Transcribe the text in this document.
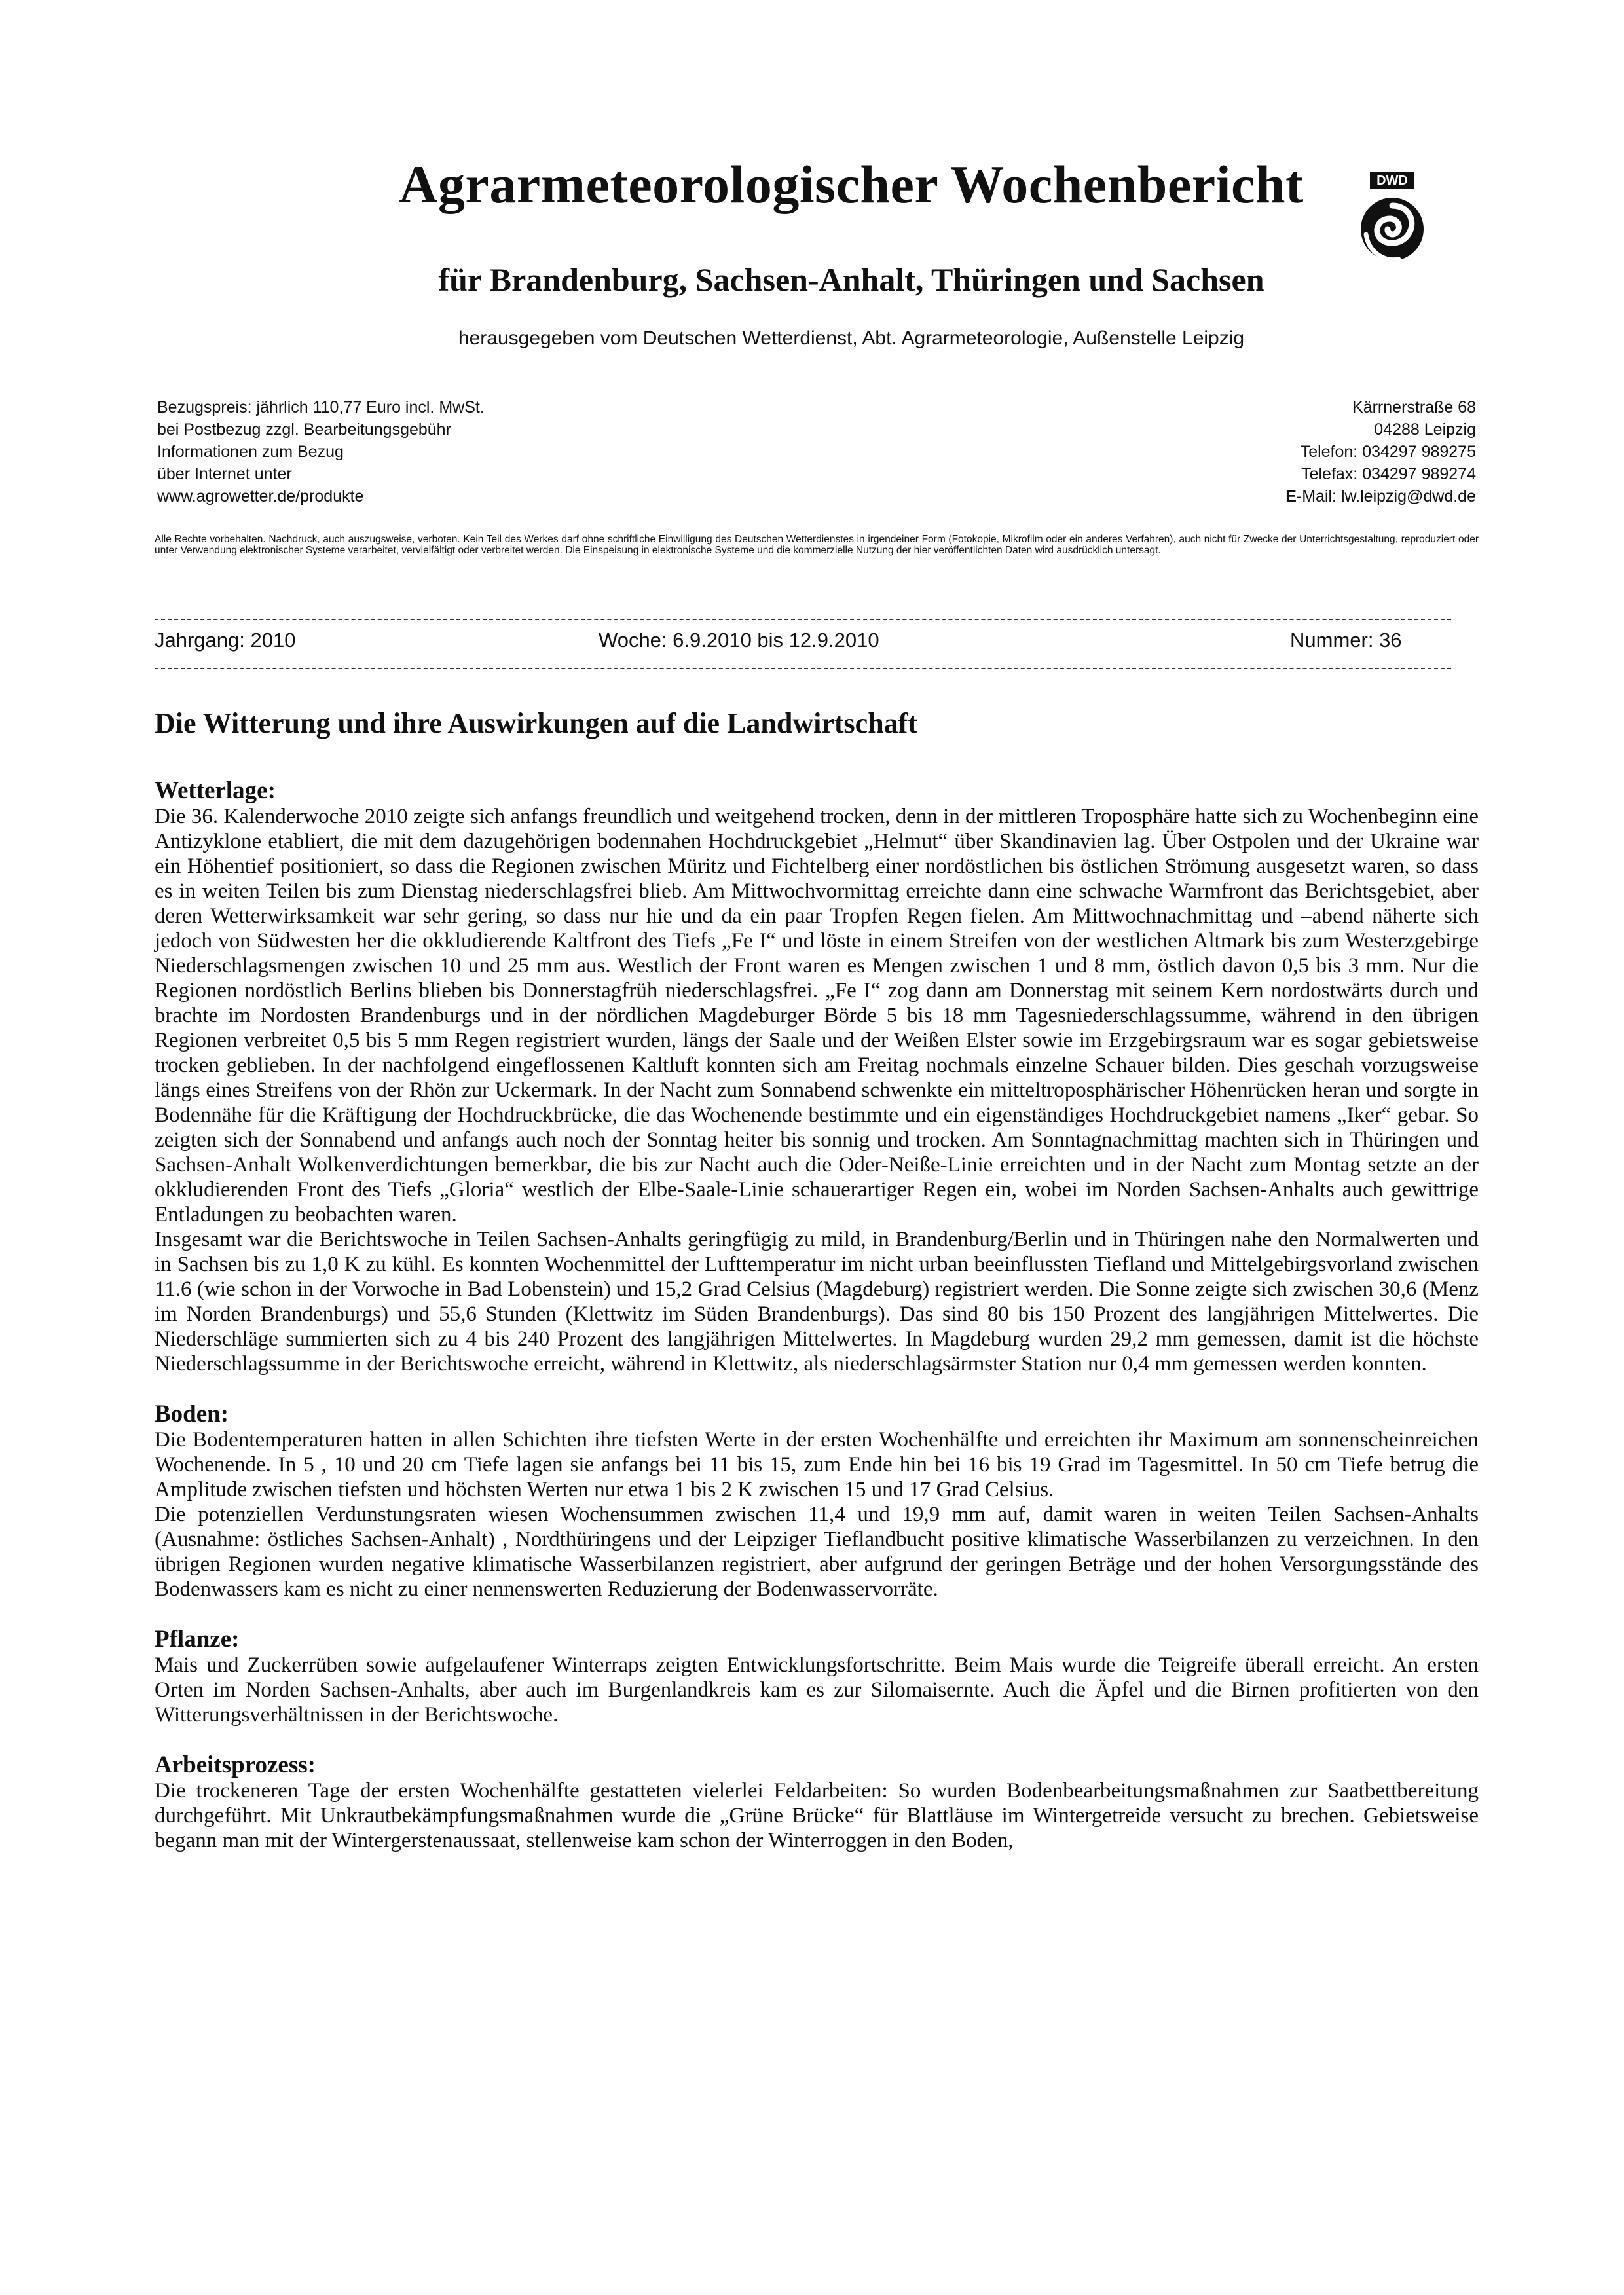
Agrarmeteorologischer Wochenbericht	DWD
für Brandenburg, Sachsen-Anhalt, Thüringen und Sachsen

herausgegeben vom Deutschen Wetterdienst, Abt. Agrarmeteorologie, Außenstelle Leipzig

Bezugspreis: jährlich 110,77 Euro incl. MwSt.
bei Postbezug zzgl. Bearbeitungsgebühr
Informationen zum Bezug
über Internet unter
www.agrowetter.de/produkte
Kärrnerstraße 68
04288 Leipzig
Telefon: 034297 989275
Telefax: 034297 989274
E-Mail: lw.leipzig@dwd.de

Alle Rechte vorbehalten. Nachdruck, auch auszugsweise, verboten. Kein Teil des Werkes darf ohne schriftliche Einwilligung des Deutschen Wetterdienstes in irgendeiner Form (Fotokopie, Mikrofilm oder ein anderes Verfahren), auch nicht für Zwecke der Unterrichtsgestaltung, reproduziert oder unter Verwendung elektronischer Systeme verarbeitet, vervielfältigt oder verbreitet werden. Die Einspeisung in elektronische Systeme und die kommerzielle Nutzung der hier veröffentlichten Daten wird ausdrücklich untersagt.

Jahrgang: 2010	Woche: 6.9.2010 bis 12.9.2010	Nummer: 36
Die Witterung und ihre Auswirkungen auf die Landwirtschaft
Wetterlage:

Die 36. Kalenderwoche 2010 zeigte sich anfangs freundlich und weitgehend trocken, denn in der mittleren Troposphäre hatte sich zu Wochenbeginn eine Antizyklone etabliert, die mit dem dazugehörigen bodennahen Hochdruckgebiet „Helmut“ über Skandinavien lag. Über Ostpolen und der Ukraine war ein Höhentief positioniert, so dass die Regionen zwischen Müritz und Fichtelberg einer nordöstlichen bis östlichen Strömung ausgesetzt waren, so dass es in weiten Teilen bis zum Dienstag niederschlagsfrei blieb. Am Mittwochvormittag erreichte dann eine schwache Warmfront das Berichtsgebiet, aber deren Wetterwirksamkeit war sehr gering, so dass nur hie und da ein paar Tropfen Regen fielen. Am Mittwochnachmittag und –abend näherte sich jedoch von Südwesten her die okkludierende Kaltfront des Tiefs „Fe I“ und löste in einem Streifen von der westlichen Altmark bis zum Westerzgebirge Niederschlagsmengen zwischen 10 und 25 mm aus. Westlich der Front waren es Mengen zwischen 1 und 8 mm, östlich davon 0,5 bis 3 mm. Nur die Regionen nordöstlich Berlins blieben bis Donnerstagfrüh niederschlagsfrei. „Fe I“ zog dann am Donnerstag mit seinem Kern nordostwärts durch und brachte im Nordosten Brandenburgs und in der nördlichen Magdeburger Börde 5 bis 18 mm Tagesniederschlagssumme, während in den übrigen Regionen verbreitet 0,5 bis 5 mm Regen registriert wurden, längs der Saale und der Weißen Elster sowie im Erzgebirgsraum war es sogar gebietsweise trocken geblieben. In der nachfolgend eingeflossenen Kaltluft konnten sich am Freitag nochmals einzelne Schauer bilden. Dies geschah vorzugsweise längs eines Streifens von der Rhön zur Uckermark. In der Nacht zum Sonnabend schwenkte ein mitteltroposphärischer Höhenrücken heran und sorgte in Bodennähe für die Kräftigung der Hochdruckbrücke, die das Wochenende bestimmte und ein eigenständiges Hochdruckgebiet namens „Iker“ gebar. So zeigten sich der Sonnabend und anfangs auch noch der Sonntag heiter bis sonnig und trocken. Am Sonntagnachmittag machten sich in Thüringen und Sachsen-Anhalt Wolkenverdichtungen bemerkbar, die bis zur Nacht auch die Oder-Neiße-Linie erreichten und in der Nacht zum Montag setzte an der okkludierenden Front des Tiefs „Gloria“ westlich der Elbe-Saale-Linie schauerartiger Regen ein, wobei im Norden Sachsen-Anhalts auch gewittrige Entladungen zu beobachten waren.

Insgesamt war die Berichtswoche in Teilen Sachsen-Anhalts geringfügig zu mild, in Brandenburg/Berlin und in Thüringen nahe den Normalwerten und in Sachsen bis zu 1,0 K zu kühl. Es konnten Wochenmittel der Lufttemperatur im nicht urban beeinflussten Tiefland und Mittelgebirgsvorland zwischen 11.6 (wie schon in der Vorwoche in Bad Lobenstein) und 15,2 Grad Celsius (Magdeburg) registriert werden. Die Sonne zeigte sich zwischen 30,6 (Menz im Norden Brandenburgs) und 55,6 Stunden (Klettwitz im Süden Brandenburgs). Das sind 80 bis 150 Prozent des langjährigen Mittelwertes. Die Niederschläge summierten sich zu 4 bis 240 Prozent des langjährigen Mittelwertes. In Magdeburg wurden 29,2 mm gemessen, damit ist die höchste Niederschlagssumme in der Berichtswoche erreicht, während in Klettwitz, als niederschlagsärmster Station nur 0,4 mm gemessen werden konnten.

Boden:

Die Bodentemperaturen hatten in allen Schichten ihre tiefsten Werte in der ersten Wochenhälfte und erreichten ihr Maximum am sonnenscheinreichen Wochenende. In 5 , 10 und 20 cm Tiefe lagen sie anfangs bei 11 bis 15, zum Ende hin bei 16 bis 19 Grad im Tagesmittel. In 50 cm Tiefe betrug die Amplitude zwischen tiefsten und höchsten Werten nur etwa 1 bis 2 K zwischen 15 und 17 Grad Celsius.

Die potenziellen Verdunstungsraten wiesen Wochensummen zwischen 11,4 und 19,9 mm auf, damit waren in weiten Teilen Sachsen-Anhalts (Ausnahme: östliches Sachsen-Anhalt) , Nordthüringens und der Leipziger Tieflandbucht positive klimatische Wasserbilanzen zu verzeichnen. In den übrigen Regionen wurden negative klimatische Wasserbilanzen registriert, aber aufgrund der geringen Beträge und der hohen Versorgungsstände des Bodenwassers kam es nicht zu einer nennenswerten Reduzierung der Bodenwasservorräte.

Pflanze:

Mais und Zuckerrüben sowie aufgelaufener Winterraps zeigten Entwicklungsfortschritte. Beim Mais wurde die Teigreife überall erreicht. An ersten Orten im Norden Sachsen-Anhalts, aber auch im Burgenlandkreis kam es zur Silomaisernte. Auch die Äpfel und die Birnen profitierten von den Witterungsverhältnissen in der Berichtswoche.

Arbeitsprozess:

Die trockeneren Tage der ersten Wochenhälfte gestatteten vielerlei Feldarbeiten: So wurden Bodenbearbeitungsmaßnahmen zur Saatbettbereitung durchgeführt. Mit Unkrautbekämpfungsmaßnahmen wurde die „Grüne Brücke“ für Blattläuse im Wintergetreide versucht zu brechen. Gebietsweise begann man mit der Wintergerstenaussaat, stellenweise kam schon der Winterroggen in den Boden,
